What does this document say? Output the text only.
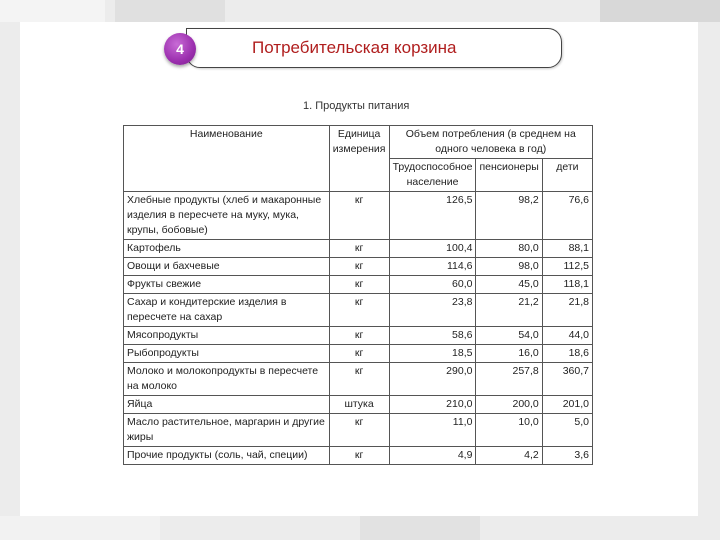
4	Потребительская корзина
1. Продукты питания
Наименование	Единица измерения	Объем потребления (в среднем на одного человека в год)		
		Трудоспособное население	пенсионеры	дети
Хлебные продукты (хлеб и макаронные изделия в пересчете на муку, мука, крупы, бобовые)	кг	126,5	98,2	76,6
Картофель	кг	100,4	80,0	88,1
Овощи и бахчевые	кг	114,6	98,0	112,5
Фрукты свежие	кг	60,0	45,0	118,1
Сахар и кондитерские изделия в пересчете на сахар	кг	23,8	21,2	21,8
Мясопродукты	кг	58,6	54,0	44,0
Рыбопродукты	кг	18,5	16,0	18,6
Молоко и молокопродукты в пересчете на молоко	кг	290,0	257,8	360,7
Яйца	штука	210,0	200,0	201,0
Масло растительное, маргарин и другие жиры	кг	11,0	10,0	5,0
Прочие продукты (соль, чай, специи)	кг	4,9	4,2	3,6
